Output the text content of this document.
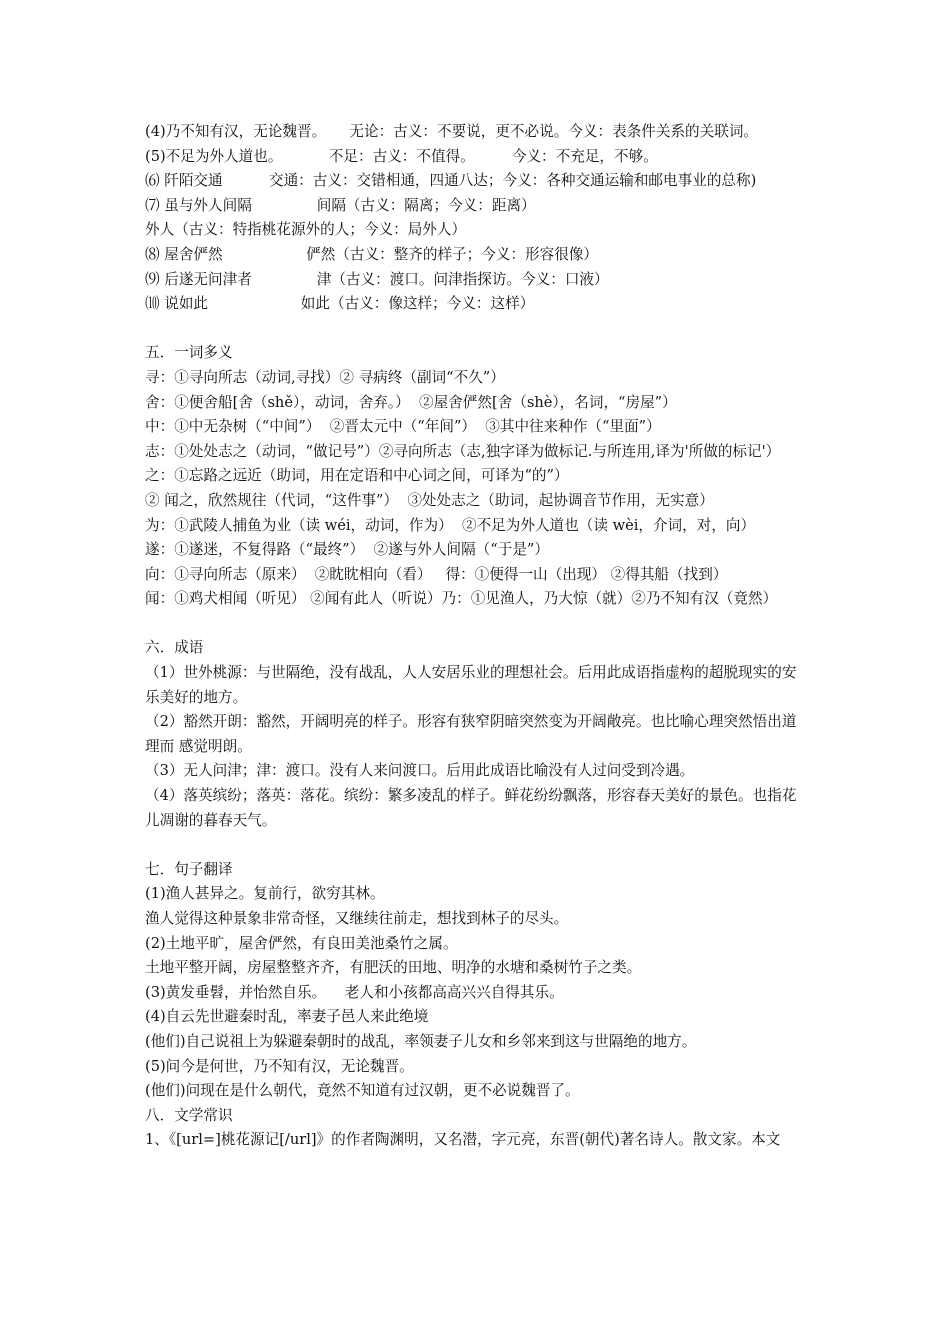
(4)乃不知有汉，无论魏晋。     无论：古义：不要说，更不必说。今义：表条件关系的关联词。
(5)不足为外人道也。          不足：古义：不值得。        今义：不充足，不够。
⑹ 阡陌交通          交通：古义：交错相通，四通八达；今义：各种交通运输和邮电事业的总称)
⑺ 虽与外人间隔              间隔（古义：隔离；今义：距离）
外人（古义：特指桃花源外的人；今义：局外人）
⑻ 屋舍俨然                  俨然（古义：整齐的样子；今义：形容很像）
⑼ 后遂无问津者              津（古义：渡口。问津指探访。今义：口液）
⑽ 说如此                    如此（古义：像这样；今义：这样）
五．一词多义
寻：①寻向所志（动词,寻找）② 寻病终（副词“不久”）
舍：①便舍船[舍（shě），动词，舍弃。）  ②屋舍俨然[舍（shè），名词，“房屋”）
中：①中无杂树（“中间”）  ②晋太元中（“年间”）  ③其中往来种作（“里面”）
志：①处处志之（动词，“做记号”）②寻向所志（志,独字译为做标记.与所连用,译为'所做的标记'）
之：①忘路之远近（助词，用在定语和中心词之间，可译为“的”）
② 闻之，欣然规往（代词，“这件事”）  ③处处志之（助词，起协调音节作用，无实意）
为：①武陵人捕鱼为业（读 wéi，动词，作为）  ②不足为外人道也（读 wèi，介词，对，向）
遂：①遂迷，不复得路（“最终”）  ②遂与外人间隔（“于是”）
向：①寻向所志（原来）  ②眈眈相向（看）   得：①便得一山（出现） ②得其船（找到）
闻：①鸡犬相闻（听见） ②闻有此人（听说）乃：①见渔人，乃大惊（就）②乃不知有汉（竟然）
六．成语
（1）世外桃源：与世隔绝，没有战乱，人人安居乐业的理想社会。后用此成语指虚构的超脱现实的安乐美好的地方。
（2）豁然开朗：豁然，开阔明亮的样子。形容有狭窄阴暗突然变为开阔敞亮。也比喻心理突然悟出道理而 感觉明朗。
（3）无人问津；津：渡口。没有人来问渡口。后用此成语比喻没有人过问受到冷遇。
（4）落英缤纷；落英：落花。缤纷：繁多凌乱的样子。鲜花纷纷飘落，形容春天美好的景色。也指花儿凋谢的暮春天气。
七．句子翻译
(1)渔人甚异之。复前行，欲穷其林。
渔人觉得这种景象非常奇怪，又继续往前走，想找到林子的尽头。
(2)土地平旷，屋舍俨然，有良田美池桑竹之属。
土地平整开阔，房屋整整齐齐，有肥沃的田地、明净的水塘和桑树竹子之类。
(3)黄发垂髫，并怡然自乐。    老人和小孩都高高兴兴自得其乐。
(4)自云先世避秦时乱，率妻子邑人来此绝境
(他们)自己说祖上为躲避秦朝时的战乱，率领妻子儿女和乡邻来到这与世隔绝的地方。
(5)问今是何世，乃不知有汉，无论魏晋。
(他们)问现在是什么朝代，竟然不知道有过汉朝，更不必说魏晋了。
八．文学常识
1、《[url=]桃花源记[/url]》的作者陶渊明，又名潜，字元亮，东晋(朝代)著名诗人。散文家。本文
